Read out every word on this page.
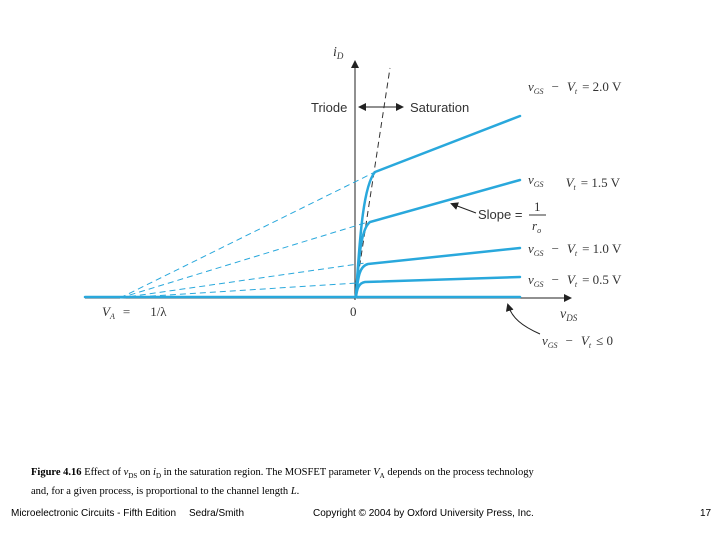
$i_D$
$v_{DS}$
0
$V_A = 1/\lambda$
Triode	Saturation
Slope =
1
$r_o$
$v_{GS} - V_t = 2.0$ V
$v_{GS}$ $V_t = 1.5$ V
$v_{GS} - V_t = 1.0$ V
$v_{GS} - V_t = 0.5$ V
$v_{GS} - V_t \le 0$
Figure 4.16 Effect of $v_{DS}$ on $i_D$ in the saturation region. The MOSFET parameter $V_A$ depends on the process technology
and, for a given process, is proportional to the channel length L.
Microelectronic Circuits - Fifth Edition Sedra/Smith	Copyright © 2004 by Oxford University Press, Inc.	17
